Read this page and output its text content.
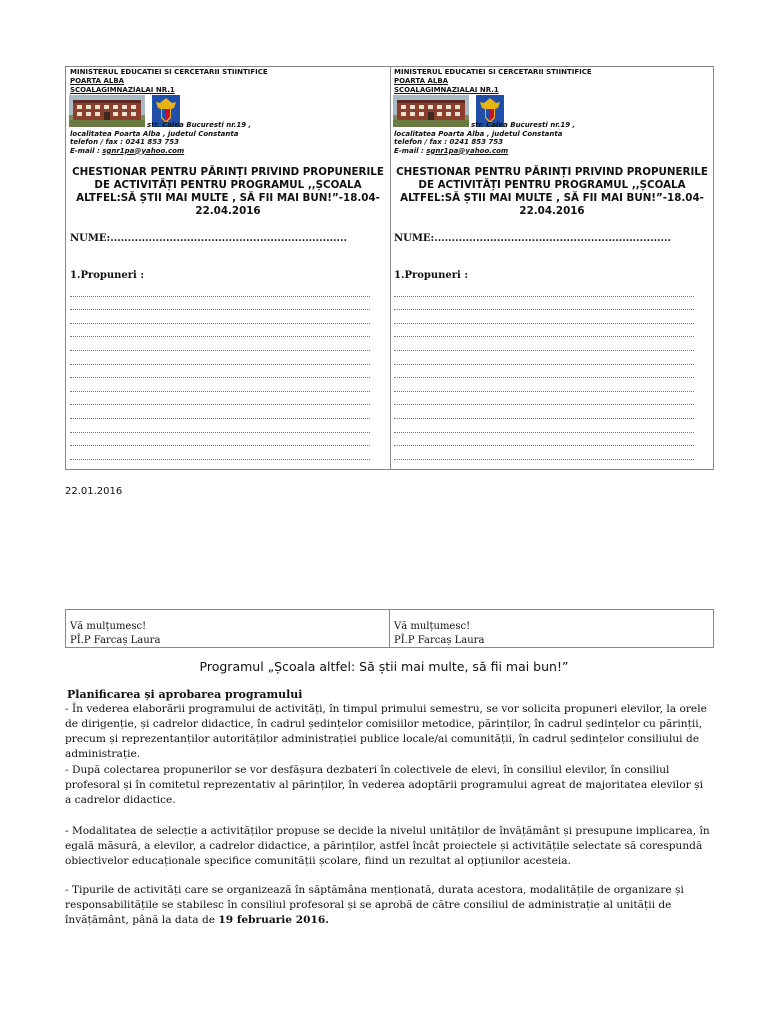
MINISTERUL EDUCATIEI SI CERCETARII STIINTIFICE
POARTA ALBA
SCOALAGIMNAZIALAI NR.1
str. Calea Bucuresti nr.19 ,
localitatea Poarta Alba , judetul Constanta
telefon / fax : 0241 853 753
E-mail : sgnr1pa@yahoo.com
CHESTIONAR PENTRU PĂRINȚI PRIVIND PROPUNERILE DE ACTIVITĂȚI PENTRU PROGRAMUL ,,ȘCOALA ALTFEL:SĂ ȘTII MAI MULTE , SĂ FII MAI BUN!”-18.04-22.04.2016
NUME:....................................................................
1.Propuneri :
MINISTERUL EDUCATIEI SI CERCETARII STIINTIFICE
POARTA ALBA
SCOALAGIMNAZIALAI NR.1
str. Calea Bucuresti nr.19 ,
localitatea Poarta Alba , judetul Constanta
telefon / fax : 0241 853 753
E-mail : sgnr1pa@yahoo.com
CHESTIONAR PENTRU PĂRINȚI PRIVIND PROPUNERILE DE ACTIVITĂȚI PENTRU PROGRAMUL ,,ȘCOALA ALTFEL:SĂ ȘTII MAI MULTE , SĂ FII MAI BUN!”-18.04-22.04.2016
NUME:....................................................................
1.Propuneri :
22.01.2016
Vă mulțumesc!
PÎ.P Farcaș Laura
Vă mulțumesc!
PÎ.P Farcaș Laura
Programul „Școala altfel: Să știi mai multe, să fii mai bun!”
Planificarea și aprobarea programului

- În vederea elaborării programului de activități, în timpul primului semestru, se vor solicita propuneri elevilor, la orele de dirigenție, și cadrelor didactice, în cadrul ședințelor comisiilor metodice, părinților, în cadrul ședințelor cu părinții, precum și reprezentanților autorităților administrației publice locale/ai comunității, în cadrul ședințelor consiliului de administrație.

- După colectarea propunerilor se vor desfășura dezbateri în colectivele de elevi, în consiliul elevilor, în consiliul profesoral și în comitetul reprezentativ al părinților, în vederea adoptării programului agreat de majoritatea elevilor și a cadrelor didactice.

- Modalitatea de selecție a activităților propuse se decide la nivelul unităților de învățământ și presupune implicarea, în egală măsură, a elevilor, a cadrelor didactice, a părinților, astfel încât proiectele și activitățile selectate să corespundă obiectivelor educaționale specifice comunității școlare, fiind un rezultat al opțiunilor acesteia.

- Tipurile de activități care se organizează în săptămâna menționată, durata acestora, modalitățile de organizare și responsabilitățile se stabilesc în consiliul profesoral și se aprobă de către consiliul de administrație al unității de învățământ, până la data de 19 februarie 2016.
